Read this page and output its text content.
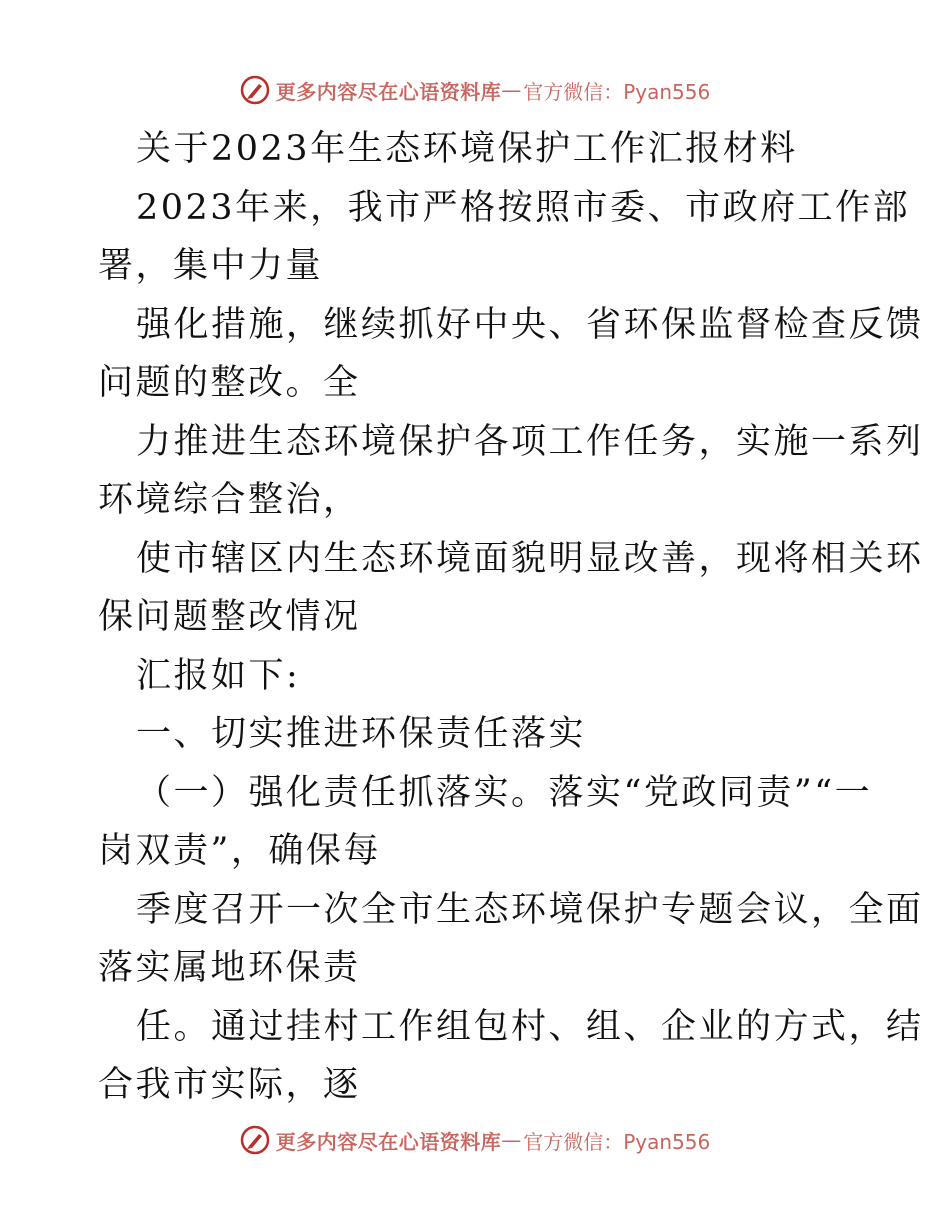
更多内容尽在心语资料库 — 官方微信：Pyan556
关于2023年生态环境保护工作汇报材料
2023年来，我市严格按照市委、市政府工作部
署，集中力量
强化措施，继续抓好中央、省环保监督检查反馈
问题的整改。全
力推进生态环境保护各项工作任务，实施一系列
环境综合整治，
使市辖区内生态环境面貌明显改善，现将相关环
保问题整改情况
汇报如下:
一、切实推进环保责任落实
（一）强化责任抓落实。落实“党政同责”“一
岗双责”，确保每
季度召开一次全市生态环境保护专题会议，全面
落实属地环保责
任。通过挂村工作组包村、组、企业的方式，结
合我市实际，逐
更多内容尽在心语资料库 — 官方微信：Pyan556
